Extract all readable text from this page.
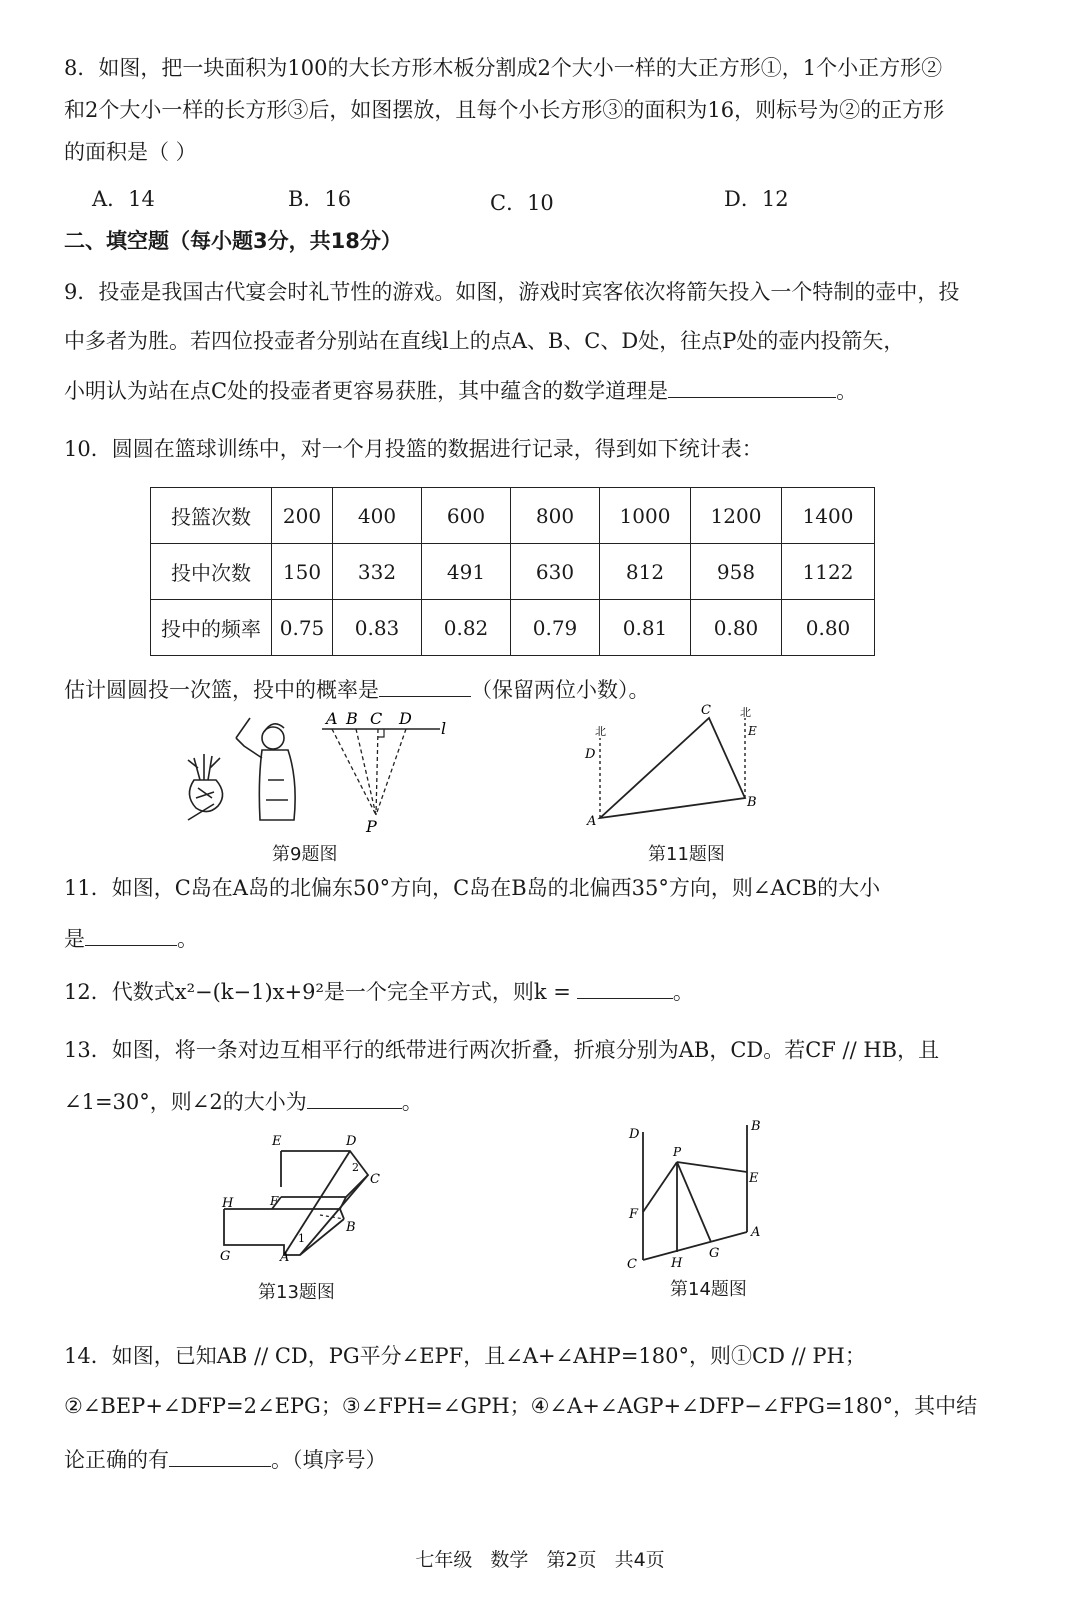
8．如图，把一块面积为100的大长方形木板分割成2个大小一样的大正方形①，1个小正方形②
和2个大小一样的长方形③后，如图摆放，且每个小长方形③的面积为16，则标号为②的正方形
的面积是（ ）
A．14	B．16	C．10	D．12
二、填空题（每小题3分，共18分）
9．投壶是我国古代宴会时礼节性的游戏。如图，游戏时宾客依次将箭矢投入一个特制的壶中，投
中多者为胜。若四位投壶者分别站在直线l上的点A、B、C、D处，往点P处的壶内投箭矢，
小明认为站在点C处的投壶者更容易获胜，其中蕴含的数学道理是	。
10．圆圆在篮球训练中，对一个月投篮的数据进行记录，得到如下统计表：
投篮次数	200	400	600	800	1000	1200	1400
投中次数	150	332	491	630	812	958	1122
投中的频率	0.75	0.83	0.82	0.79	0.81	0.80	0.80
估计圆圆投一次篮，投中的概率是	（保留两位小数）。
A B C D
l
P
第9题图
北
北
D
E
C
B
A
第11题图
11．如图，C岛在A岛的北偏东50°方向，C岛在B岛的北偏西35°方向，则∠ACB的大小
是	。
12．代数式x²−(k−1)x+9²是一个完全平方式，则k =	。
13．如图，将一条对边互相平行的纸带进行两次折叠，折痕分别为AB，CD。若CF // HB，且
∠1=30°，则∠2的大小为	。
E	D
F
C
H
B
G	A
1
2
第13题图
D
B
P
E
F
G
A
C	H
第14题图
14．如图，已知AB // CD，PG平分∠EPF，且∠A+∠AHP=180°，则①CD // PH；
②∠BEP+∠DFP=2∠EPG；③∠FPH=∠GPH；④∠A+∠AGP+∠DFP−∠FPG=180°，其中结
论正确的有	。（填序号）
七年级 数学 第2页 共4页
